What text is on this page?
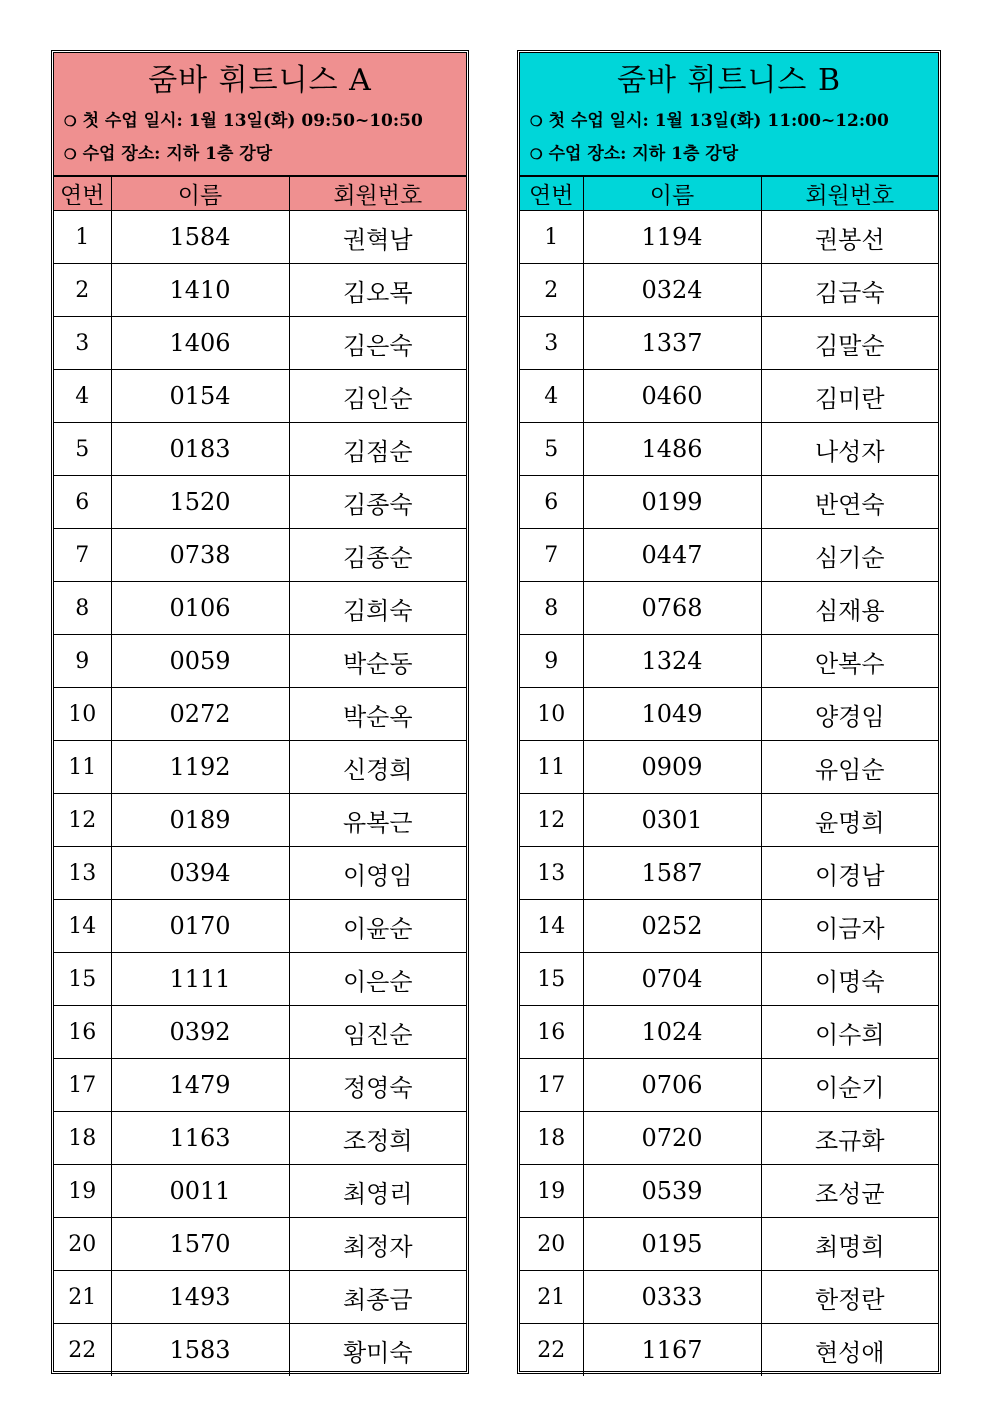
줌바 휘트니스 A
❍ 첫 수업 일시: 1월 13일(화) 09:50~10:50
❍ 수업 장소: 지하 1층 강당
연번	이름	회원번호
1	1584	권혁남
2	1410	김오목
3	1406	김은숙
4	0154	김인순
5	0183	김점순
6	1520	김종숙
7	0738	김종순
8	0106	김희숙
9	0059	박순동
10	0272	박순옥
11	1192	신경희
12	0189	유복근
13	0394	이영임
14	0170	이윤순
15	1111	이은순
16	0392	임진순
17	1479	정영숙
18	1163	조정희
19	0011	최영리
20	1570	최정자
21	1493	최종금
22	1583	황미숙
줌바 휘트니스 B
❍ 첫 수업 일시: 1월 13일(화) 11:00~12:00
❍ 수업 장소: 지하 1층 강당
연번	이름	회원번호
1	1194	권봉선
2	0324	김금숙
3	1337	김말순
4	0460	김미란
5	1486	나성자
6	0199	반연숙
7	0447	심기순
8	0768	심재용
9	1324	안복수
10	1049	양경임
11	0909	유임순
12	0301	윤명희
13	1587	이경남
14	0252	이금자
15	0704	이명숙
16	1024	이수희
17	0706	이순기
18	0720	조규화
19	0539	조성균
20	0195	최명희
21	0333	한정란
22	1167	현성애
